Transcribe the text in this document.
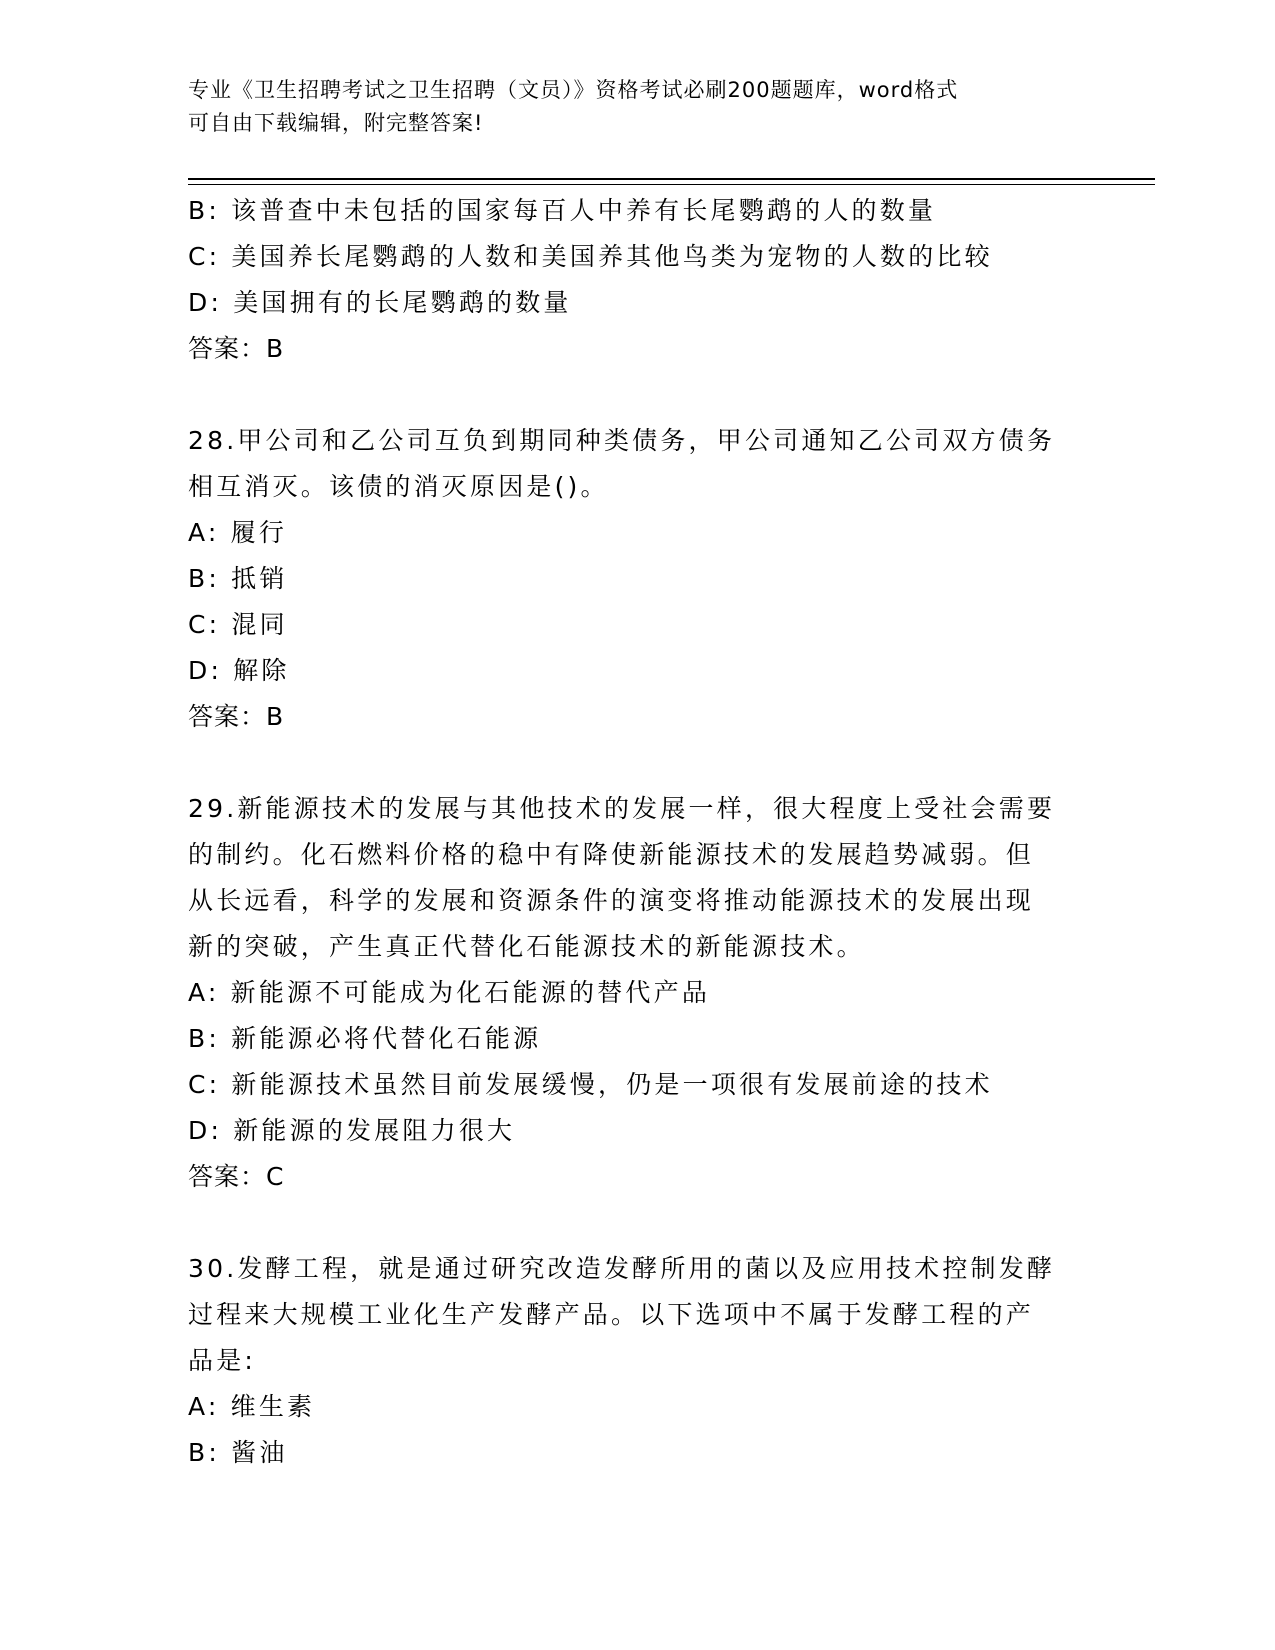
专业《卫生招聘考试之卫生招聘（文员）》资格考试必刷200题题库，word格式
可自由下载编辑，附完整答案!
B: 该普查中未包括的国家每百人中养有长尾鹦鹉的人的数量
C: 美国养长尾鹦鹉的人数和美国养其他鸟类为宠物的人数的比较
D: 美国拥有的长尾鹦鹉的数量
答案：B
28.甲公司和乙公司互负到期同种类债务，甲公司通知乙公司双方债务
相互消灭。该债的消灭原因是()。
A: 履行
B: 抵销
C: 混同
D: 解除
答案：B
29.新能源技术的发展与其他技术的发展一样，很大程度上受社会需要
的制约。化石燃料价格的稳中有降使新能源技术的发展趋势减弱。但
从长远看，科学的发展和资源条件的演变将推动能源技术的发展出现
新的突破，产生真正代替化石能源技术的新能源技术。
A: 新能源不可能成为化石能源的替代产品
B: 新能源必将代替化石能源
C: 新能源技术虽然目前发展缓慢，仍是一项很有发展前途的技术
D: 新能源的发展阻力很大
答案：C
30.发酵工程，就是通过研究改造发酵所用的菌以及应用技术控制发酵
过程来大规模工业化生产发酵产品。以下选项中不属于发酵工程的产
品是:
A: 维生素
B: 酱油
